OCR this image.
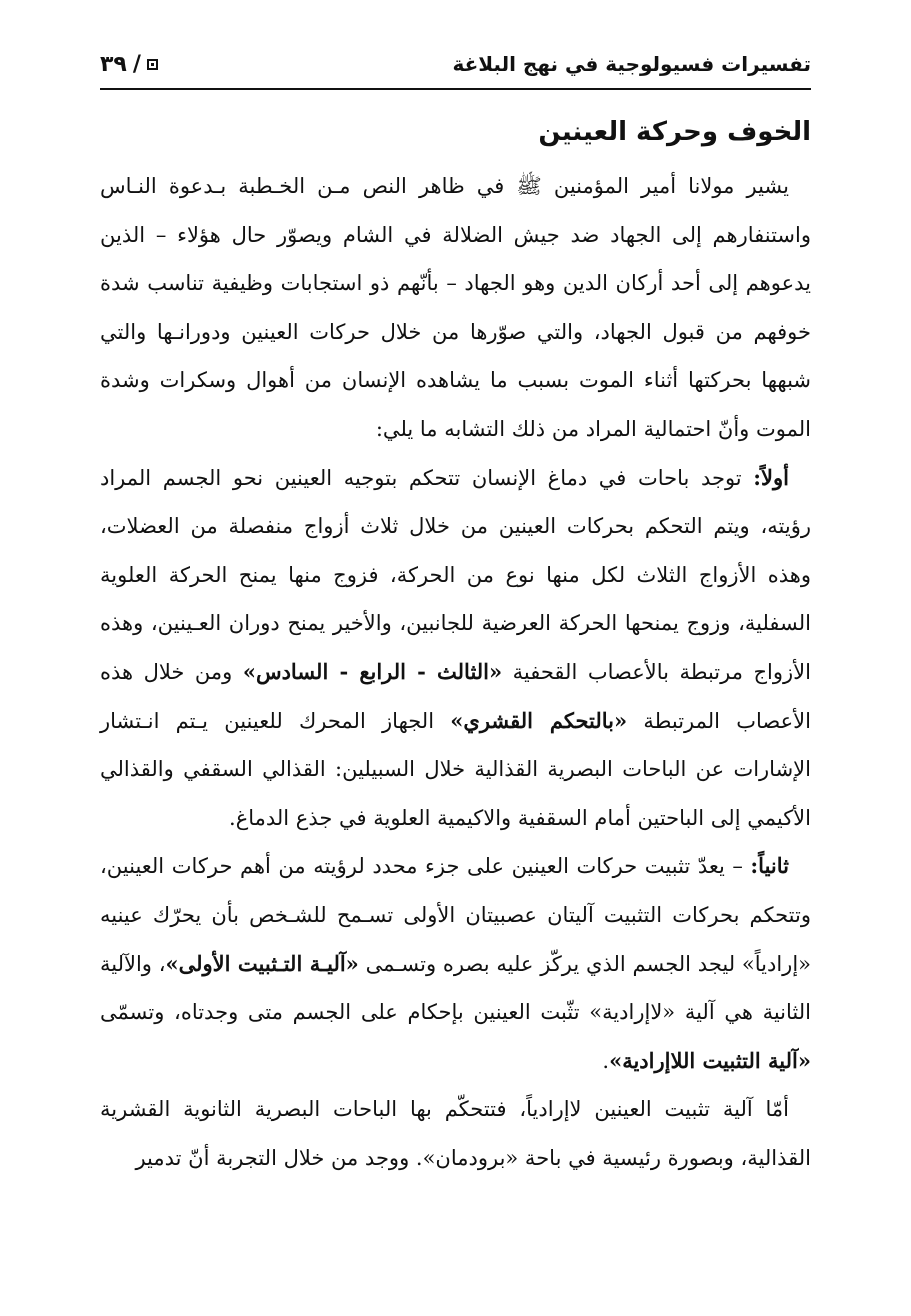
تفسيرات فسيولوجية في نهج البلاغة
٣٩ /
الخوف وحركة العينين

يشير مولانا أمير المؤمنين ﷺ في ظاهر النص مـن الخـطبة بـدعوة النـاس واستنفارهم إلى الجهاد ضد جيش الضلالة في الشام ويصوّر حال هؤلاء – الذين يدعوهم إلى أحد أركان الدين وهو الجهاد – بأنّهم ذو استجابات وظيفية تناسب شدة خوفهم من قبول الجهاد، والتي صوّرها من خلال حركات العينين ودورانـها والتي شبهها بحركتها أثناء الموت بسبب ما يشاهده الإنسان من أهوال وسكرات وشدة الموت وأنّ احتمالية المراد من ذلك التشابه ما يلي:

أولاً: توجد باحات في دماغ الإنسان تتحكم بتوجيه العينين نحو الجسم المراد رؤيته، ويتم التحكم بحركات العينين من خلال ثلاث أزواج منفصلة من العضلات، وهذه الأزواج الثلاث لكل منها نوع من الحركة، فزوج منها يمنح الحركة العلوية السفلية، وزوج يمنحها الحركة العرضية للجانبين، والأخير يمنح دوران العـينين، وهذه الأزواج مرتبطة بالأعصاب القحفية «الثالث - الرابع - السادس» ومن خلال هذه الأعصاب المرتبطة «بالتحكم القشري» الجهاز المحرك للعينين يـتم انـتشار الإشارات عن الباحات البصرية القذالية خلال السبيلين: القذالي السقفي والقذالي الأكيمي إلى الباحتين أمام السقفية والاكيمية العلوية في جذع الدماغ.

ثانياً: – يعدّ تثبيت حركات العينين على جزء محدد لرؤيته من أهم حركات العينين، وتتحكم بحركات التثبيت آليتان عصبيتان الأولى تسـمح للشـخص بأن يحرّك عينيه «إرادياً» ليجد الجسم الذي يركّز عليه بصره وتسـمى «آليـة التـثبيت الأولى»، والآلية الثانية هي آلية «لاإرادية» تثّبت العينين بإحكام على الجسم متى وجدتاه، وتسمّى «آلية التثبيت اللاإرادية».

أمّا آلية تثبيت العينين لاإرادياً، فتتحكّم بها الباحات البصرية الثانوية القشرية القذالية، وبصورة رئيسية في باحة «برودمان». ووجد من خلال التجربة أنّ تدمير
